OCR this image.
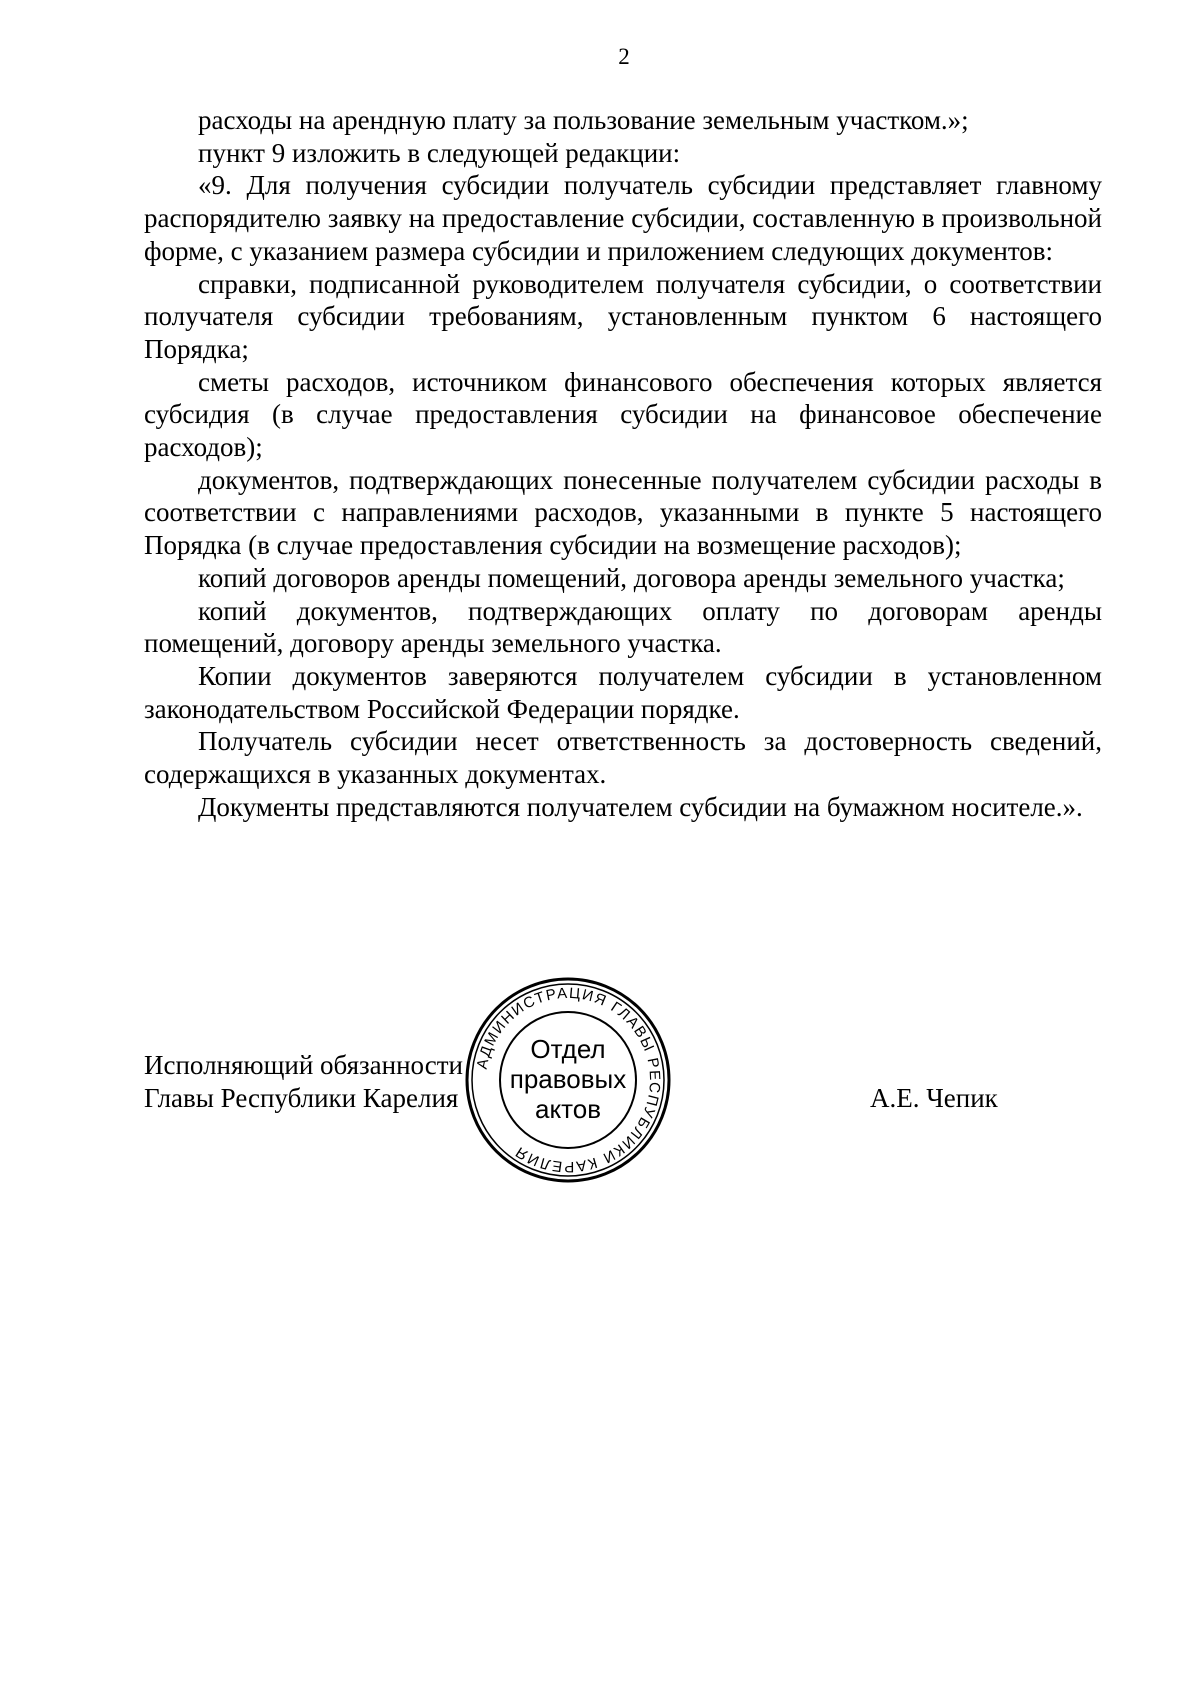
2

расходы на арендную плату за пользование земельным участком.»;

пункт 9 изложить в следующей редакции:

«9. Для получения субсидии получатель субсидии представляет главному распорядителю заявку на предоставление субсидии, составленную в произвольной форме, с указанием размера субсидии и приложением следующих документов:

справки, подписанной руководителем получателя субсидии, о соответствии получателя субсидии требованиям, установленным пунктом 6 настоящего Порядка;

сметы расходов, источником финансового обеспечения которых является субсидия (в случае предоставления субсидии на финансовое обеспечение расходов);

документов, подтверждающих понесенные получателем субсидии расходы в соответствии с направлениями расходов, указанными в пункте 5 настоящего Порядка (в случае предоставления субсидии на возмещение расходов);

копий договоров аренды помещений, договора аренды земельного участка;

копий документов, подтверждающих оплату по договорам аренды помещений, договору аренды земельного участка.

Копии документов заверяются получателем субсидии в установленном законодательством Российской Федерации порядке.

Получатель субсидии несет ответственность за достоверность сведений, содержащихся в указанных документах.

Документы представляются получателем субсидии на бумажном носителе.».

Исполняющий обязанности
Главы Республики Карелия	А.Е. Чепик
АДМИНИСТРАЦИЯ ГЛАВЫ РЕСПУБЛИКИ КАРЕЛИЯ
Отдел
правовых
актов
